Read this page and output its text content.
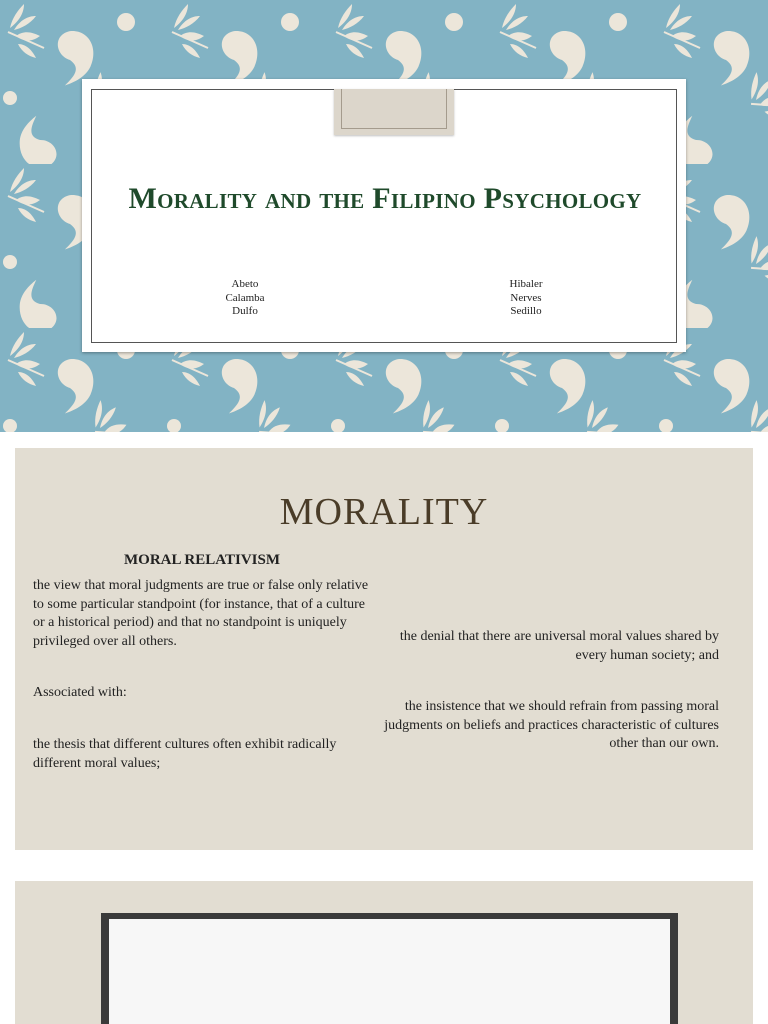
Morality and the Filipino Psychology
Abeto
Calamba
Dulfo
Hibaler
Nerves
Sedillo
MORALITY
MORAL RELATIVISM
the view that moral judgments are true or false only relative to some particular standpoint (for instance, that of a culture or a historical period) and that no standpoint is uniquely privileged over all others.
Associated with:
the thesis that different cultures often exhibit radically different moral values;
the denial that there are universal moral values shared by every human society; and
the insistence that we should refrain from passing moral judgments on beliefs and practices characteristic of cultures other than our own.
